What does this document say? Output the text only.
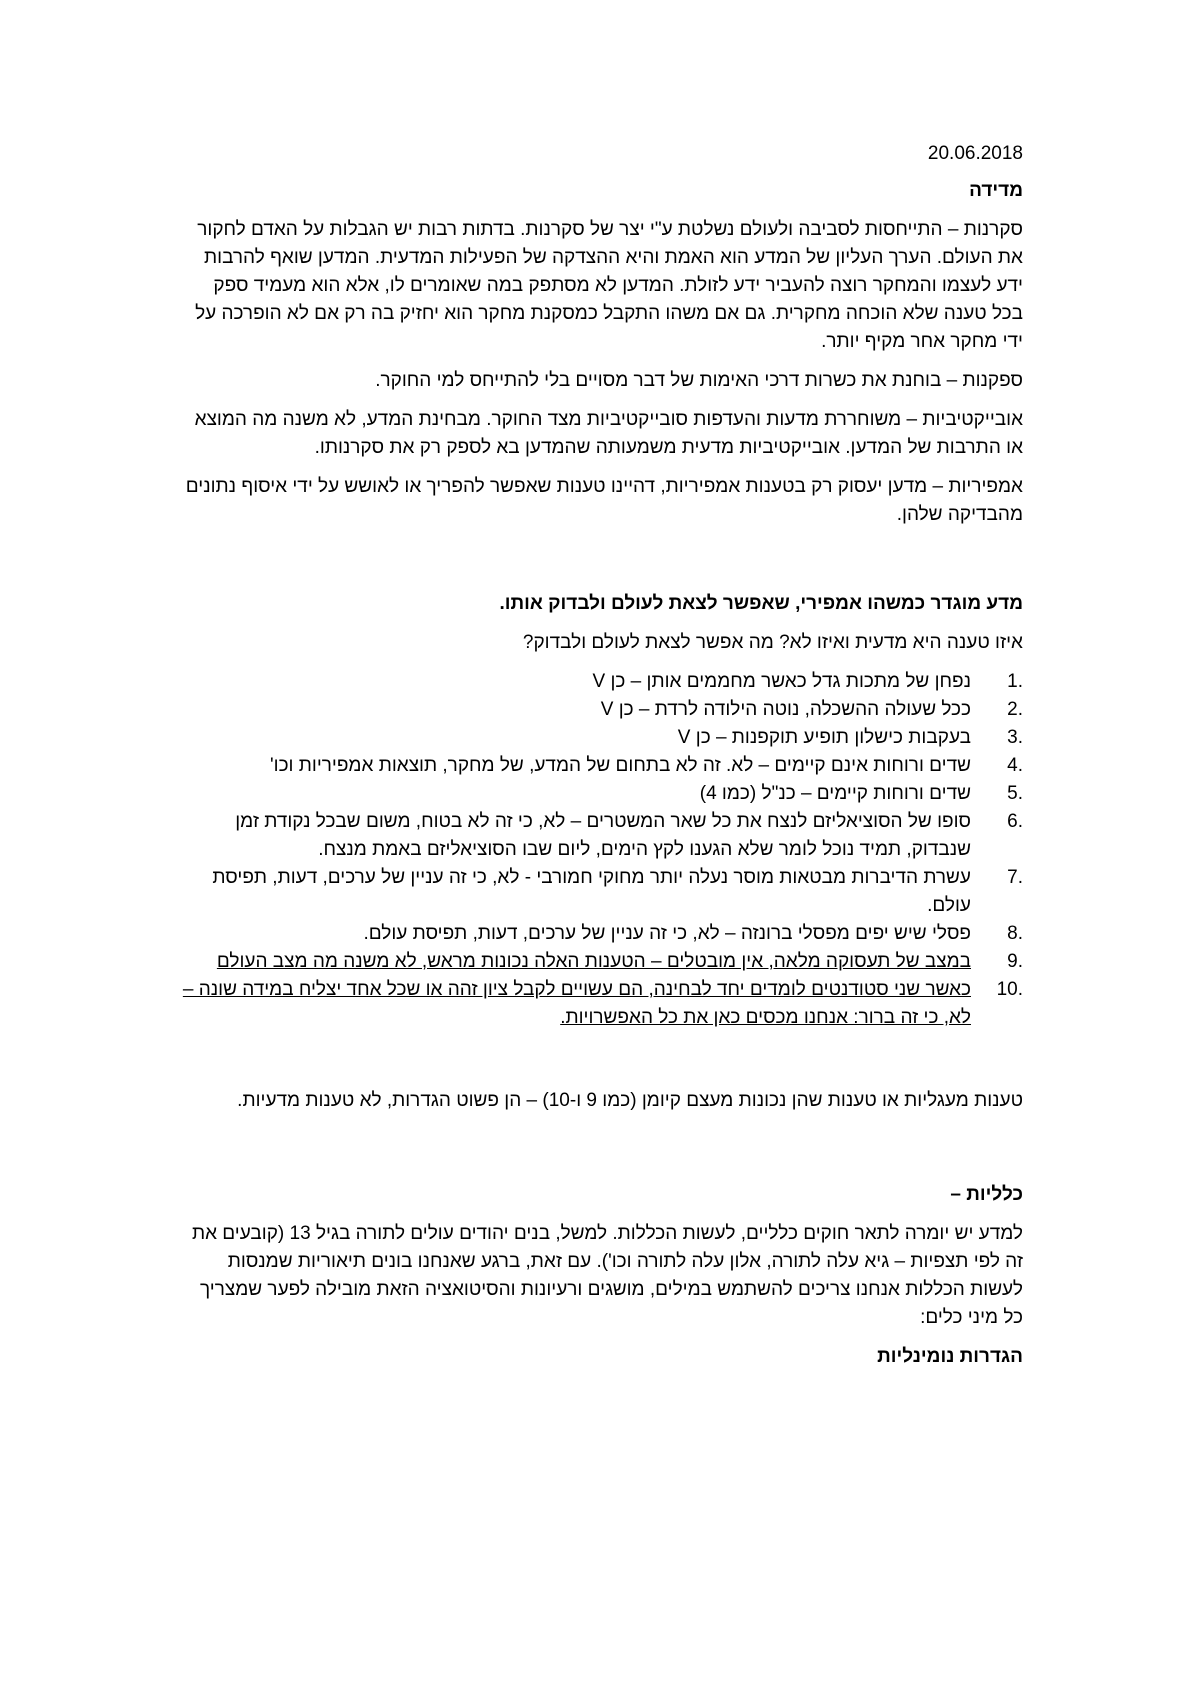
20.06.2018
מדידה

סקרנות – התייחסות לסביבה ולעולם נשלטת ע"י יצר של סקרנות. בדתות רבות יש הגבלות על האדם לחקור את העולם. הערך העליון של המדע הוא האמת והיא ההצדקה של הפעילות המדעית. המדען שואף להרבות ידע לעצמו והמחקר רוצה להעביר ידע לזולת. המדען לא מסתפק במה שאומרים לו, אלא הוא מעמיד ספק בכל טענה שלא הוכחה מחקרית. גם אם משהו התקבל כמסקנת מחקר הוא יחזיק בה רק אם לא הופרכה על ידי מחקר אחר מקיף יותר.

ספקנות – בוחנת את כשרות דרכי האימות של דבר מסויים בלי להתייחס למי החוקר.

אובייקטיביות – משוחררת מדעות והעדפות סובייקטיביות מצד החוקר. מבחינת המדע, לא משנה מה המוצא או התרבות של המדען. אובייקטיביות מדעית משמעותה שהמדען בא לספק רק את סקרנותו.

אמפיריות – מדען יעסוק רק בטענות אמפיריות, דהיינו טענות שאפשר להפריך או לאושש על ידי איסוף נתונים מהבדיקה שלהן.

מדע מוגדר כמשהו אמפירי, שאפשר לצאת לעולם ולבדוק אותו.

איזו טענה היא מדעית ואיזו לא? מה אפשר לצאת לעולם ולבדוק?

1.
נפחן של מתכות גדל כאשר מחממים אותן – כן V
2.
ככל שעולה ההשכלה, נוטה הילודה לרדת – כן V
3.
בעקבות כישלון תופיע תוקפנות – כן V
4.
שדים ורוחות אינם קיימים – לא. זה לא בתחום של המדע, של מחקר, תוצאות אמפיריות וכו'
5.
שדים ורוחות קיימים – כנ"ל (כמו 4)
6.
סופו של הסוציאליזם לנצח את כל שאר המשטרים – לא, כי זה לא בטוח, משום שבכל נקודת זמן שנבדוק, תמיד נוכל לומר שלא הגענו לקץ הימים, ליום שבו הסוציאליזם באמת מנצח.
7.
עשרת הדיברות מבטאות מוסר נעלה יותר מחוקי חמורבי - לא, כי זה עניין של ערכים, דעות, תפיסת עולם.
8.
פסלי שיש יפים מפסלי ברונזה – לא, כי זה עניין של ערכים, דעות, תפיסת עולם.
9.
במצב של תעסוקה מלאה, אין מובטלים – הטענות האלה נכונות מראש, לא משנה מה מצב העולם
10.
כאשר שני סטודנטים לומדים יחד לבחינה, הם עשויים לקבל ציון זהה או שכל אחד יצליח במידה שונה – לא, כי זה ברור: אנחנו מכסים כאן את כל האפשרויות.

טענות מעגליות או טענות שהן נכונות מעצם קיומן (כמו 9 ו-10) – הן פשוט הגדרות, לא טענות מדעיות.

כלליות –

למדע יש יומרה לתאר חוקים כלליים, לעשות הכללות. למשל, בנים יהודים עולים לתורה בגיל 13 (קובעים את זה לפי תצפיות – גיא עלה לתורה, אלון עלה לתורה וכו'). עם זאת, ברגע שאנחנו בונים תיאוריות שמנסות לעשות הכללות אנחנו צריכים להשתמש במילים, מושגים ורעיונות והסיטואציה הזאת מובילה לפער שמצריך כל מיני כלים:

הגדרות נומינליות
